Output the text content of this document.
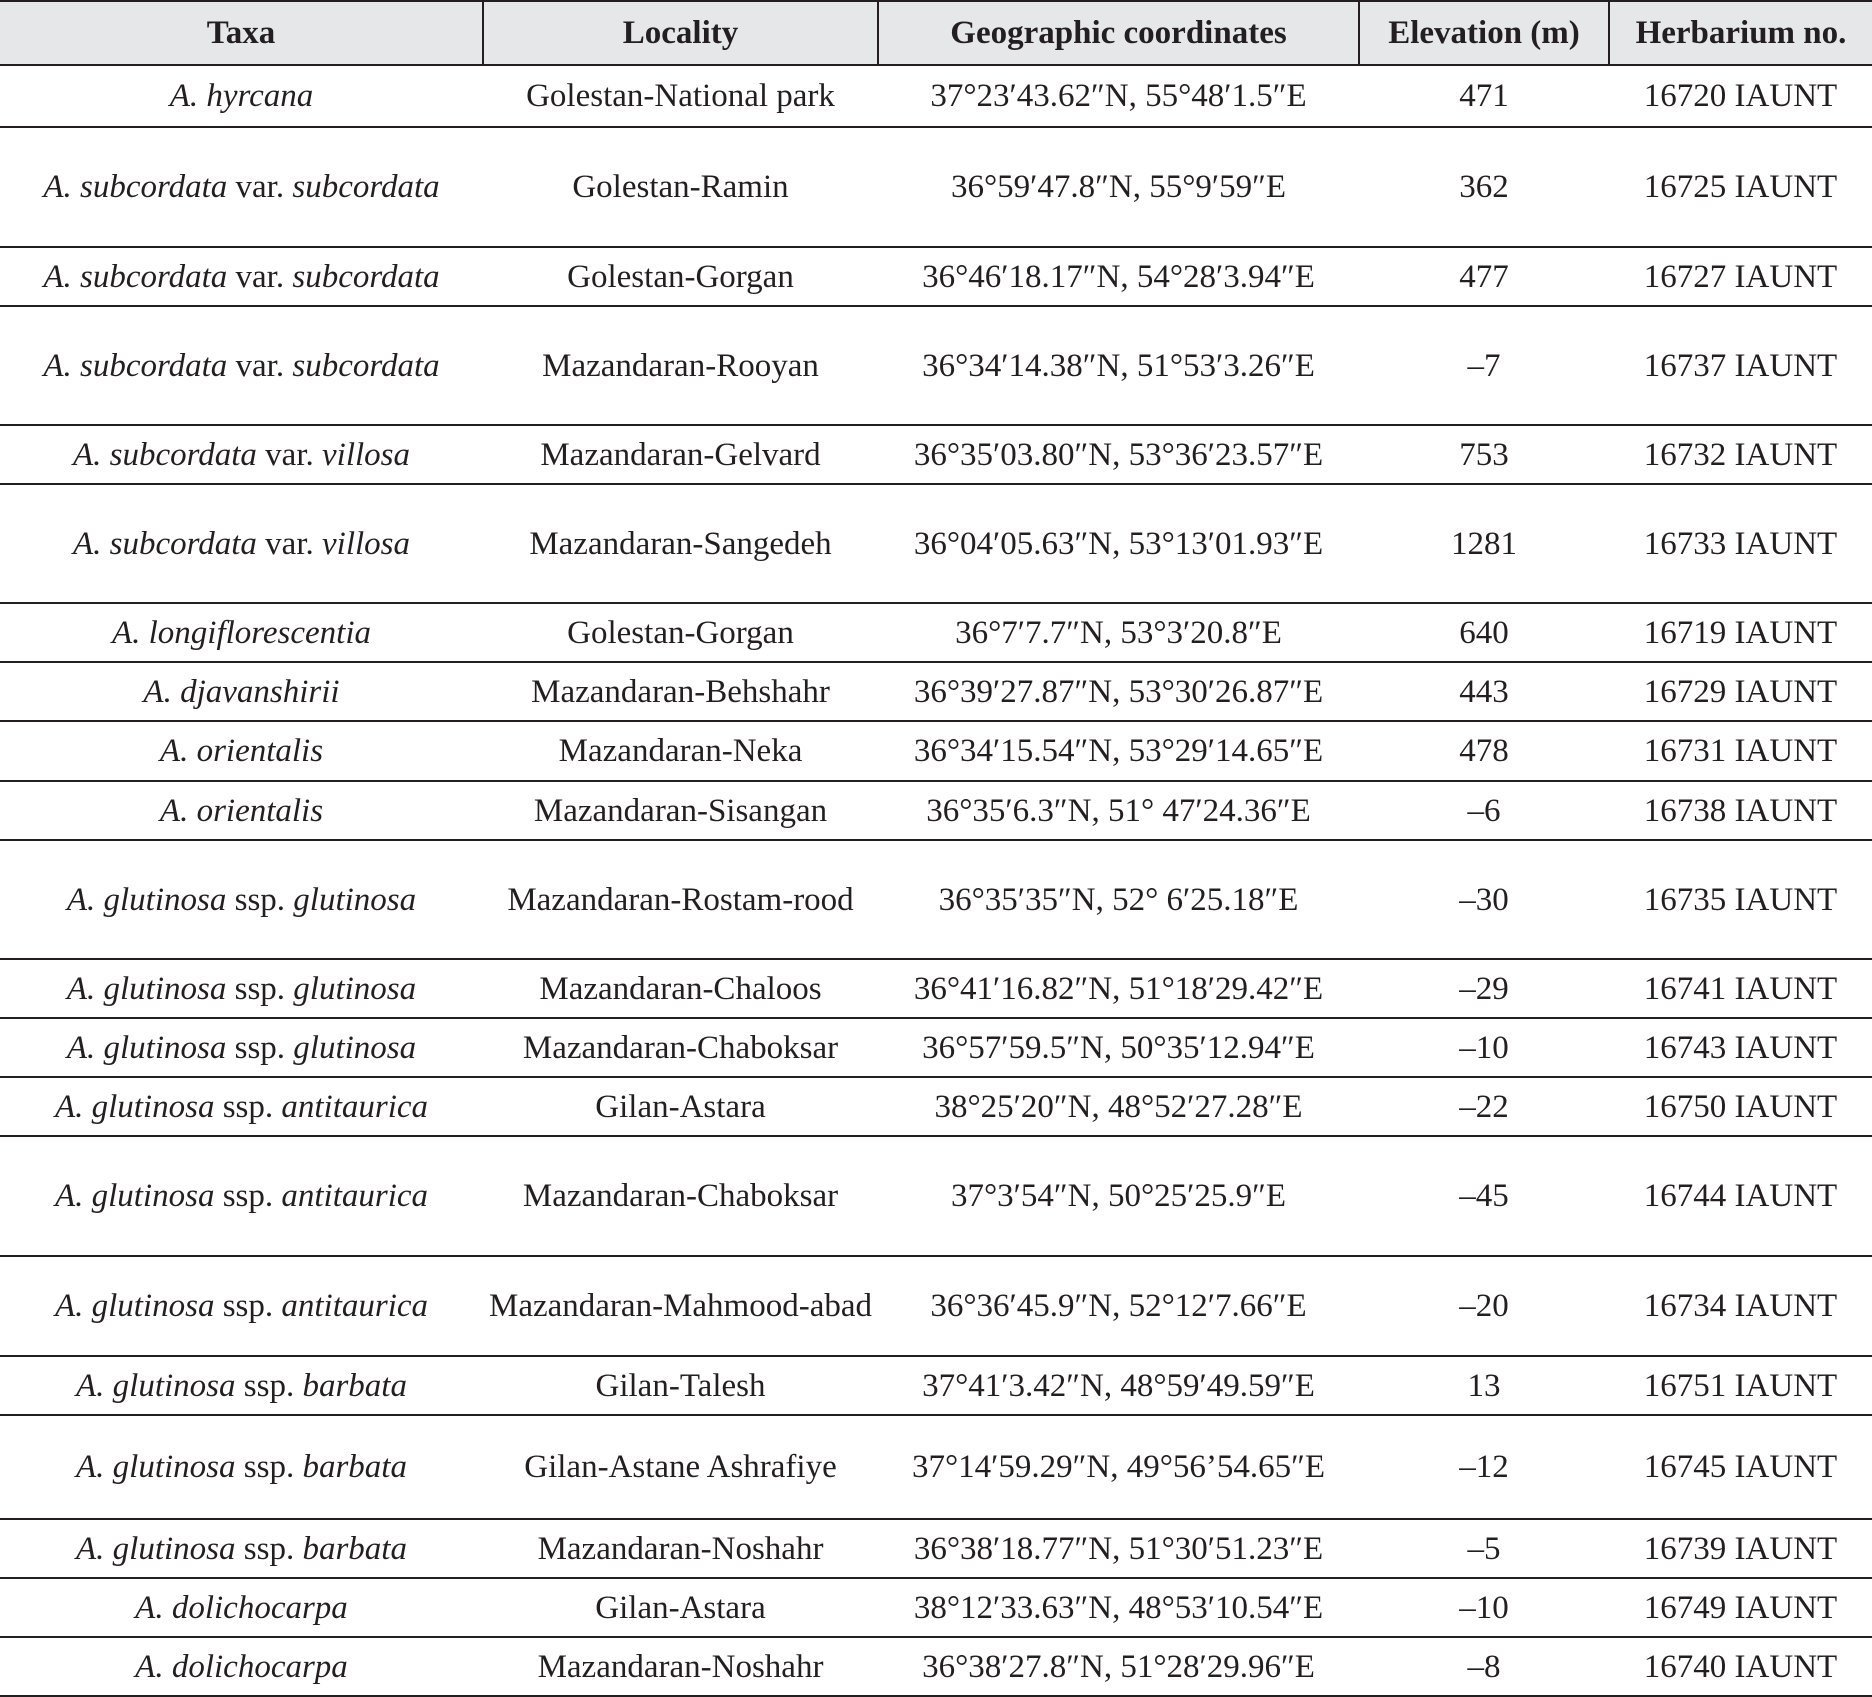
Taxa	Locality	Geographic coordinates	Elevation (m)	Herbarium no.
A. hyrcana	Golestan-National park	37°23′43.62″N, 55°48′1.5″E	471	16720 IAUNT
A. subcordata var. subcordata	Golestan-Ramin	36°59′47.8″N, 55°9′59″E	362	16725 IAUNT
A. subcordata var. subcordata	Golestan-Gorgan	36°46′18.17″N, 54°28′3.94″E	477	16727 IAUNT
A. subcordata var. subcordata	Mazandaran-Rooyan	36°34′14.38″N, 51°53′3.26″E	–7	16737 IAUNT
A. subcordata var. villosa	Mazandaran-Gelvard	36°35′03.80″N, 53°36′23.57″E	753	16732 IAUNT
A. subcordata var. villosa	Mazandaran-Sangedeh	36°04′05.63″N, 53°13′01.93″E	1281	16733 IAUNT
A. longiflorescentia	Golestan-Gorgan	36°7′7.7″N, 53°3′20.8″E	640	16719 IAUNT
A. djavanshirii	Mazandaran-Behshahr	36°39′27.87″N, 53°30′26.87″E	443	16729 IAUNT
A. orientalis	Mazandaran-Neka	36°34′15.54″N, 53°29′14.65″E	478	16731 IAUNT
A. orientalis	Mazandaran-Sisangan	36°35′6.3″N, 51° 47′24.36″E	–6	16738 IAUNT
A. glutinosa ssp. glutinosa	Mazandaran-Rostam-rood	36°35′35″N, 52° 6′25.18″E	–30	16735 IAUNT
A. glutinosa ssp. glutinosa	Mazandaran-Chaloos	36°41′16.82″N, 51°18′29.42″E	–29	16741 IAUNT
A. glutinosa ssp. glutinosa	Mazandaran-Chaboksar	36°57′59.5″N, 50°35′12.94″E	–10	16743 IAUNT
A. glutinosa ssp. antitaurica	Gilan-Astara	38°25′20″N, 48°52′27.28″E	–22	16750 IAUNT
A. glutinosa ssp. antitaurica	Mazandaran-Chaboksar	37°3′54″N, 50°25′25.9″E	–45	16744 IAUNT
A. glutinosa ssp. antitaurica	Mazandaran-Mahmood-abad	36°36′45.9″N, 52°12′7.66″E	–20	16734 IAUNT
A. glutinosa ssp. barbata	Gilan-Talesh	37°41′3.42″N, 48°59′49.59″E	13	16751 IAUNT
A. glutinosa ssp. barbata	Gilan-Astane Ashrafiye	37°14′59.29″N, 49°56’54.65″E	–12	16745 IAUNT
A. glutinosa ssp. barbata	Mazandaran-Noshahr	36°38′18.77″N, 51°30′51.23″E	–5	16739 IAUNT
A. dolichocarpa	Gilan-Astara	38°12′33.63″N, 48°53′10.54″E	–10	16749 IAUNT
A. dolichocarpa	Mazandaran-Noshahr	36°38′27.8″N, 51°28′29.96″E	–8	16740 IAUNT
